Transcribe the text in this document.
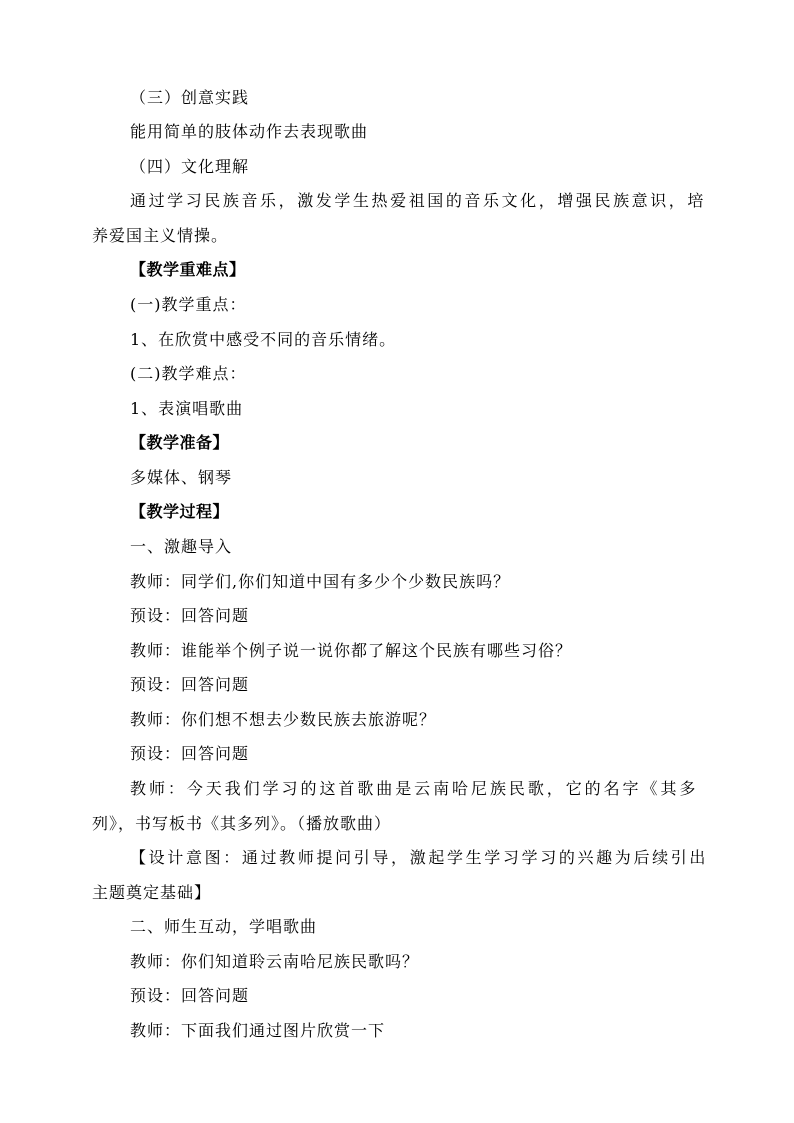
（三）创意实践
能用简单的肢体动作去表现歌曲
（四）文化理解
通过学习民族音乐，激发学生热爱祖国的音乐文化，增强民族意识，培
养爱国主义情操。
【教学重难点】
(一)教学重点：
1、在欣赏中感受不同的音乐情绪。
(二)教学难点：
1、表演唱歌曲
【教学准备】
多媒体、钢琴
【教学过程】
一、激趣导入
教师：同学们,你们知道中国有多少个少数民族吗？
预设：回答问题
教师：谁能举个例子说一说你都了解这个民族有哪些习俗？
预设：回答问题
教师：你们想不想去少数民族去旅游呢？
预设：回答问题
教师：今天我们学习的这首歌曲是云南哈尼族民歌，它的名字《其多
列》，书写板书《其多列》。（播放歌曲）
【设计意图：通过教师提问引导，激起学生学习学习的兴趣为后续引出
主题奠定基础】
二、师生互动，学唱歌曲
教师：你们知道聆云南哈尼族民歌吗？
预设：回答问题
教师：下面我们通过图片欣赏一下
